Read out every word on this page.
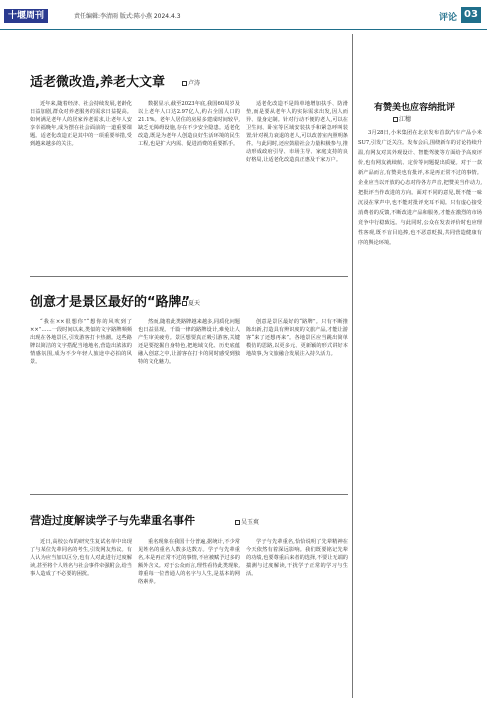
十堰周刊	责任编辑:李清雨 版式:陈小燕 2024.4.3	评论 03
适老微改造,养老大文章	卢涛

近年来,随着经济、社会持续发展,老龄化日益加剧,群众对养老服务的需求日益提高。如何满足老年人的居家养老需求,让老年人安享幸福晚年,成为摆在社会面前的一道重要课题。适老化改造正是其中的一项重要举措,受到越来越多的关注。

数据显示,截至2023年底,我国60周岁及以上老年人口达2.97亿人,约占全国人口的21.1%。老年人居住的房屋多建成时间较早,缺乏无障碍设施,存在不少安全隐患。适老化改造,既是为老年人创造良好生活环境的民生工程,也是扩大内需、促进消费的重要抓手。

适老化改造不是简单地增加扶手、防滑垫,而是要从老年人的实际需求出发,因人而异、量身定制。针对行动不便的老人,可以在卫生间、卧室等区域安装扶手和紧急呼叫装置;针对视力衰退的老人,可以改善室内照明条件。与此同时,还应鼓励社会力量积极参与,推动形成政府引导、市场主导、家庭支持的良好格局,让适老化改造真正惠及千家万户。

创意才是景区最好的“路牌”
夏天

“我在××很想你”“想你的风吹到了××”……一段时间以来,类似的文字路牌频频出现在各地景区,引发游客打卡热潮。这些路牌以简洁的文字搭配当地地名,营造出浓浓的情感氛围,成为不少年轻人旅途中必拍的风景。

然而,随着此类路牌越来越多,同质化问题也日益显现。千篇一律的路牌设计,难免让人产生审美疲劳。景区想要真正吸引游客,关键还是要挖掘自身特色,把地域文化、历史底蕴融入创意之中,让游客在打卡的同时感受到独特的文化魅力。

创意是景区最好的“路牌”。只有不断推陈出新,打造具有辨识度的文旅产品,才能让游客“来了还想再来”。各地景区应当跳出简单模仿的思路,以更多元、更新颖的形式讲好本地故事,为文旅融合发展注入持久活力。

营造过度解读学子与先辈重名事件	吴玉爽

近日,高校公布的研究生复试名单中出现了与某位先辈同名的考生,引发网友热议。有人认为应当加以区分,也有人对此进行过度解读,甚至将个人姓名与社会事件牵强附会,给当事人造成了不必要的困扰。

重名现象在我国十分普遍,据统计,不少常见姓名的重名人数多达数万。学子与先辈重名,本是再正常不过的事情,不应被赋予过多的额外含义。对于公众而言,理性看待此类现象,尊重每一位普通人的名字与人生,是基本的网络素养。

学子与先辈重名,恰恰说明了先辈精神在今天依然有着深远影响。我们既要铭记先辈的功绩,也要尊重后来者的选择,不要让无端的揣测与过度解读,干扰学子正常的学习与生活。

有赞美也应容纳批评
江穗

3月28日,小米集团在北京发布首款汽车产品小米SU7,引发广泛关注。发布会后,围绕新车的讨论持续升温,有网友对其外观设计、智能驾驶等方面给予高度评价,也有网友就续航、定价等问题提出质疑。对于一款新产品而言,有赞美也有批评,本是再正常不过的事情。企业应当以开放的心态对待各方声音,把赞美当作动力,把批评当作改进的方向。面对不同的意见,既不能一味沉浸在掌声中,也不能对批评充耳不闻。只有虚心接受消费者的反馈,不断改进产品和服务,才能在激烈的市场竞争中行稳致远。与此同时,公众在发表评价时也应理性客观,既不盲目追捧,也不恶意贬损,共同营造健康有序的舆论环境。
